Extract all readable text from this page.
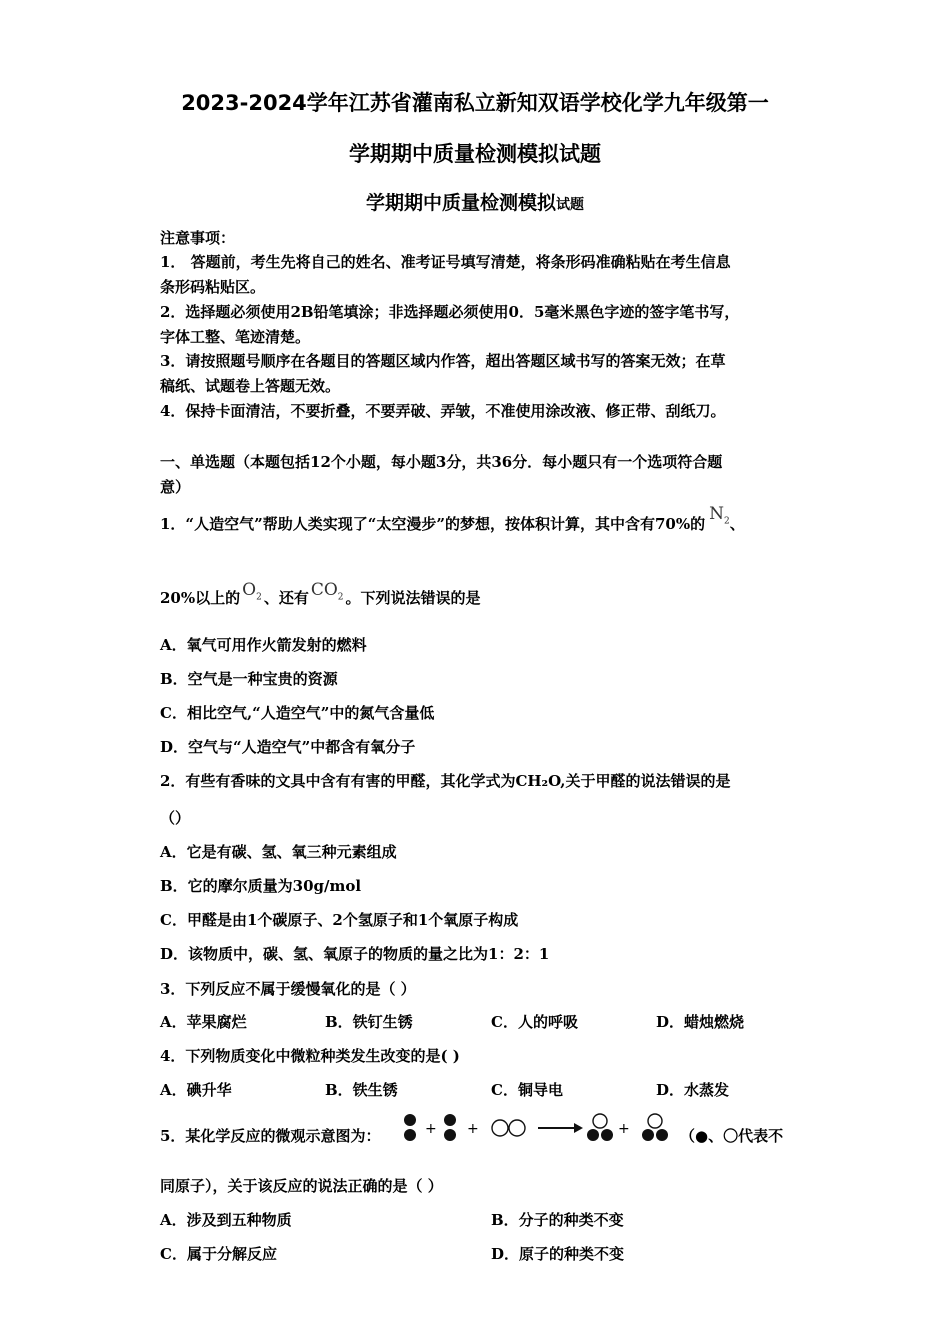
2023-2024学年江苏省灌南私立新知双语学校化学九年级第一
学期期中质量检测模拟试题
学期期中质量检测模拟试题
注意事项：
1． 答题前，考生先将自己的姓名、准考证号填写清楚，将条形码准确粘贴在考生信息
条形码粘贴区。
2．选择题必须使用2B铅笔填涂；非选择题必须使用0．5毫米黑色字迹的签字笔书写，
字体工整、笔迹清楚。
3．请按照题号顺序在各题目的答题区域内作答，超出答题区域书写的答案无效；在草
稿纸、试题卷上答题无效。
4．保持卡面清洁，不要折叠，不要弄破、弄皱，不准使用涂改液、修正带、刮纸刀。
一、单选题（本题包括12个小题，每小题3分，共36分．每小题只有一个选项符合题
意）
1．“人造空气”帮助人类实现了“太空漫步”的梦想，按体积计算，其中含有70%的 $N_2$、
20%以上的 $O_2$ 、还有 $CO_2$ 。下列说法错误的是
A．氧气可用作火箭发射的燃料
B．空气是一种宝贵的资源
C．相比空气,“人造空气”中的氮气含量低
D．空气与“人造空气”中都含有氧分子
2．有些有香味的文具中含有有害的甲醛，其化学式为CH₂O,关于甲醛的说法错误的是
（）
A．它是有碳、氢、氧三种元素组成
B．它的摩尔质量为30g/mol
C．甲醛是由1个碳原子、2个氢原子和1个氧原子构成
D．该物质中，碳、氢、氧原子的物质的量之比为1：2：1
3．下列反应不属于缓慢氧化的是（ ）
A．苹果腐烂	B．铁钉生锈	C．人的呼吸	D．蜡烛燃烧
4．下列物质变化中微粒种类发生改变的是( )
A．碘升华	B．铁生锈	C．铜导电	D．水蒸发
5．某化学反应的微观示意图为：	+ +	+	（●、〇代表不
同原子），关于该反应的说法正确的是（ ）
A．涉及到五种物质	B．分子的种类不变
C．属于分解反应	D．原子的种类不变
